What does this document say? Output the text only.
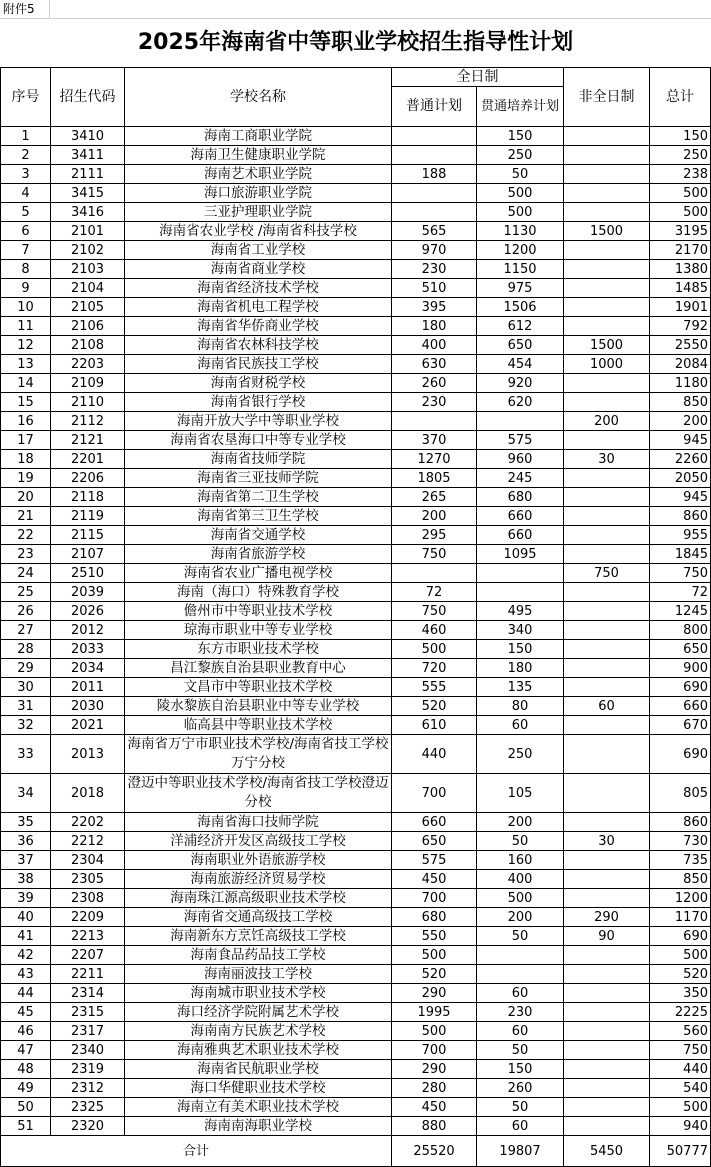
附件5
2025年海南省中等职业学校招生指导性计划
序号	招生代码	学校名称	全日制		非全日制	总计
			普通计划	贯通培养计划		
1	3410	海南工商职业学院		150		150
2	3411	海南卫生健康职业学院		250		250
3	2111	海南艺术职业学院	188	50		238
4	3415	海口旅游职业学院		500		500
5	3416	三亚护理职业学院		500		500
6	2101	海南省农业学校 /海南省科技学校	565	1130	1500	3195
7	2102	海南省工业学校	970	1200		2170
8	2103	海南省商业学校	230	1150		1380
9	2104	海南省经济技术学校	510	975		1485
10	2105	海南省机电工程学校	395	1506		1901
11	2106	海南省华侨商业学校	180	612		792
12	2108	海南省农林科技学校	400	650	1500	2550
13	2203	海南省民族技工学校	630	454	1000	2084
14	2109	海南省财税学校	260	920		1180
15	2110	海南省银行学校	230	620		850
16	2112	海南开放大学中等职业学校			200	200
17	2121	海南省农垦海口中等专业学校	370	575		945
18	2201	海南省技师学院	1270	960	30	2260
19	2206	海南省三亚技师学院	1805	245		2050
20	2118	海南省第二卫生学校	265	680		945
21	2119	海南省第三卫生学校	200	660		860
22	2115	海南省交通学校	295	660		955
23	2107	海南省旅游学校	750	1095		1845
24	2510	海南省农业广播电视学校			750	750
25	2039	海南（海口）特殊教育学校	72			72
26	2026	儋州市中等职业技术学校	750	495		1245
27	2012	琼海市职业中等专业学校	460	340		800
28	2033	东方市职业技术学校	500	150		650
29	2034	昌江黎族自治县职业教育中心	720	180		900
30	2011	文昌市中等职业技术学校	555	135		690
31	2030	陵水黎族自治县职业中等专业学校	520	80	60	660
32	2021	临高县中等职业技术学校	610	60		670
33	2013	海南省万宁市职业技术学校/海南省技工学校万宁分校	440	250		690
34	2018	澄迈中等职业技术学校/海南省技工学校澄迈分校	700	105		805
35	2202	海南省海口技师学院	660	200		860
36	2212	洋浦经济开发区高级技工学校	650	50	30	730
37	2304	海南职业外语旅游学校	575	160		735
38	2305	海南旅游经济贸易学校	450	400		850
39	2308	海南珠江源高级职业技术学校	700	500		1200
40	2209	海南省交通高级技工学校	680	200	290	1170
41	2213	海南新东方烹饪高级技工学校	550	50	90	690
42	2207	海南食品药品技工学校	500			500
43	2211	海南丽波技工学校	520			520
44	2314	海南城市职业技术学校	290	60		350
45	2315	海口经济学院附属艺术学校	1995	230		2225
46	2317	海南南方民族艺术学校	500	60		560
47	2340	海南雅典艺术职业技术学校	700	50		750
48	2319	海南省民航职业学校	290	150		440
49	2312	海口华健职业技术学校	280	260		540
50	2325	海南立有美术职业技术学校	450	50		500
51	2320	海南南海职业学校	880	60		940
合计			25520	19807	5450	50777
